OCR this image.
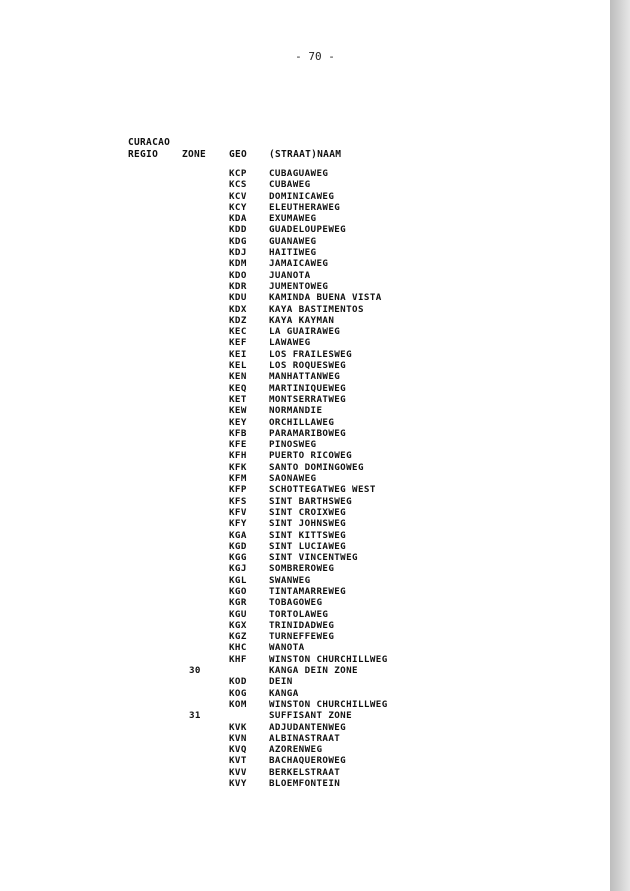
- 70 -
CURACAO
REGIO	ZONE GEO (STRAAT)NAAM
KCP CUBAGUAWEG
KCS CUBAWEG
KCV DOMINICAWEG
KCY ELEUTHERAWEG
KDA EXUMAWEG
KDD GUADELOUPEWEG
KDG GUANAWEG
KDJ HAITIWEG
KDM JAMAICAWEG
KDO JUANOTA
KDR JUMENTOWEG
KDU KAMINDA BUENA VISTA
KDX KAYA BASTIMENTOS
KDZ KAYA KAYMAN
KEC LA GUAIRAWEG
KEF LAWAWEG
KEI LOS FRAILESWEG
KEL LOS ROQUESWEG
KEN MANHATTANWEG
KEQ MARTINIQUEWEG
KET MONTSERRATWEG
KEW NORMANDIE
KEY ORCHILLAWEG
KFB PARAMARIBOWEG
KFE PINOSWEG
KFH PUERTO RICOWEG
KFK SANTO DOMINGOWEG
KFM SAONAWEG
KFP SCHOTTEGATWEG WEST
KFS SINT BARTHSWEG
KFV SINT CROIXWEG
KFY SINT JOHNSWEG
KGA SINT KITTSWEG
KGD SINT LUCIAWEG
KGG SINT VINCENTWEG
KGJ SOMBREROWEG
KGL SWANWEG
KGO TINTAMARREWEG
KGR TOBAGOWEG
KGU TORTOLAWEG
KGX TRINIDADWEG
KGZ TURNEFFEWEG
KHC WANOTA
KHF WINSTON CHURCHILLWEG
30	KANGA DEIN ZONE
KOD DEIN
KOG KANGA
KOM WINSTON CHURCHILLWEG
31	SUFFISANT ZONE
KVK ADJUDANTENWEG
KVN ALBINASTRAAT
KVQ AZORENWEG
KVT BACHAQUEROWEG
KVV BERKELSTRAAT
KVY BLOEMFONTEIN
